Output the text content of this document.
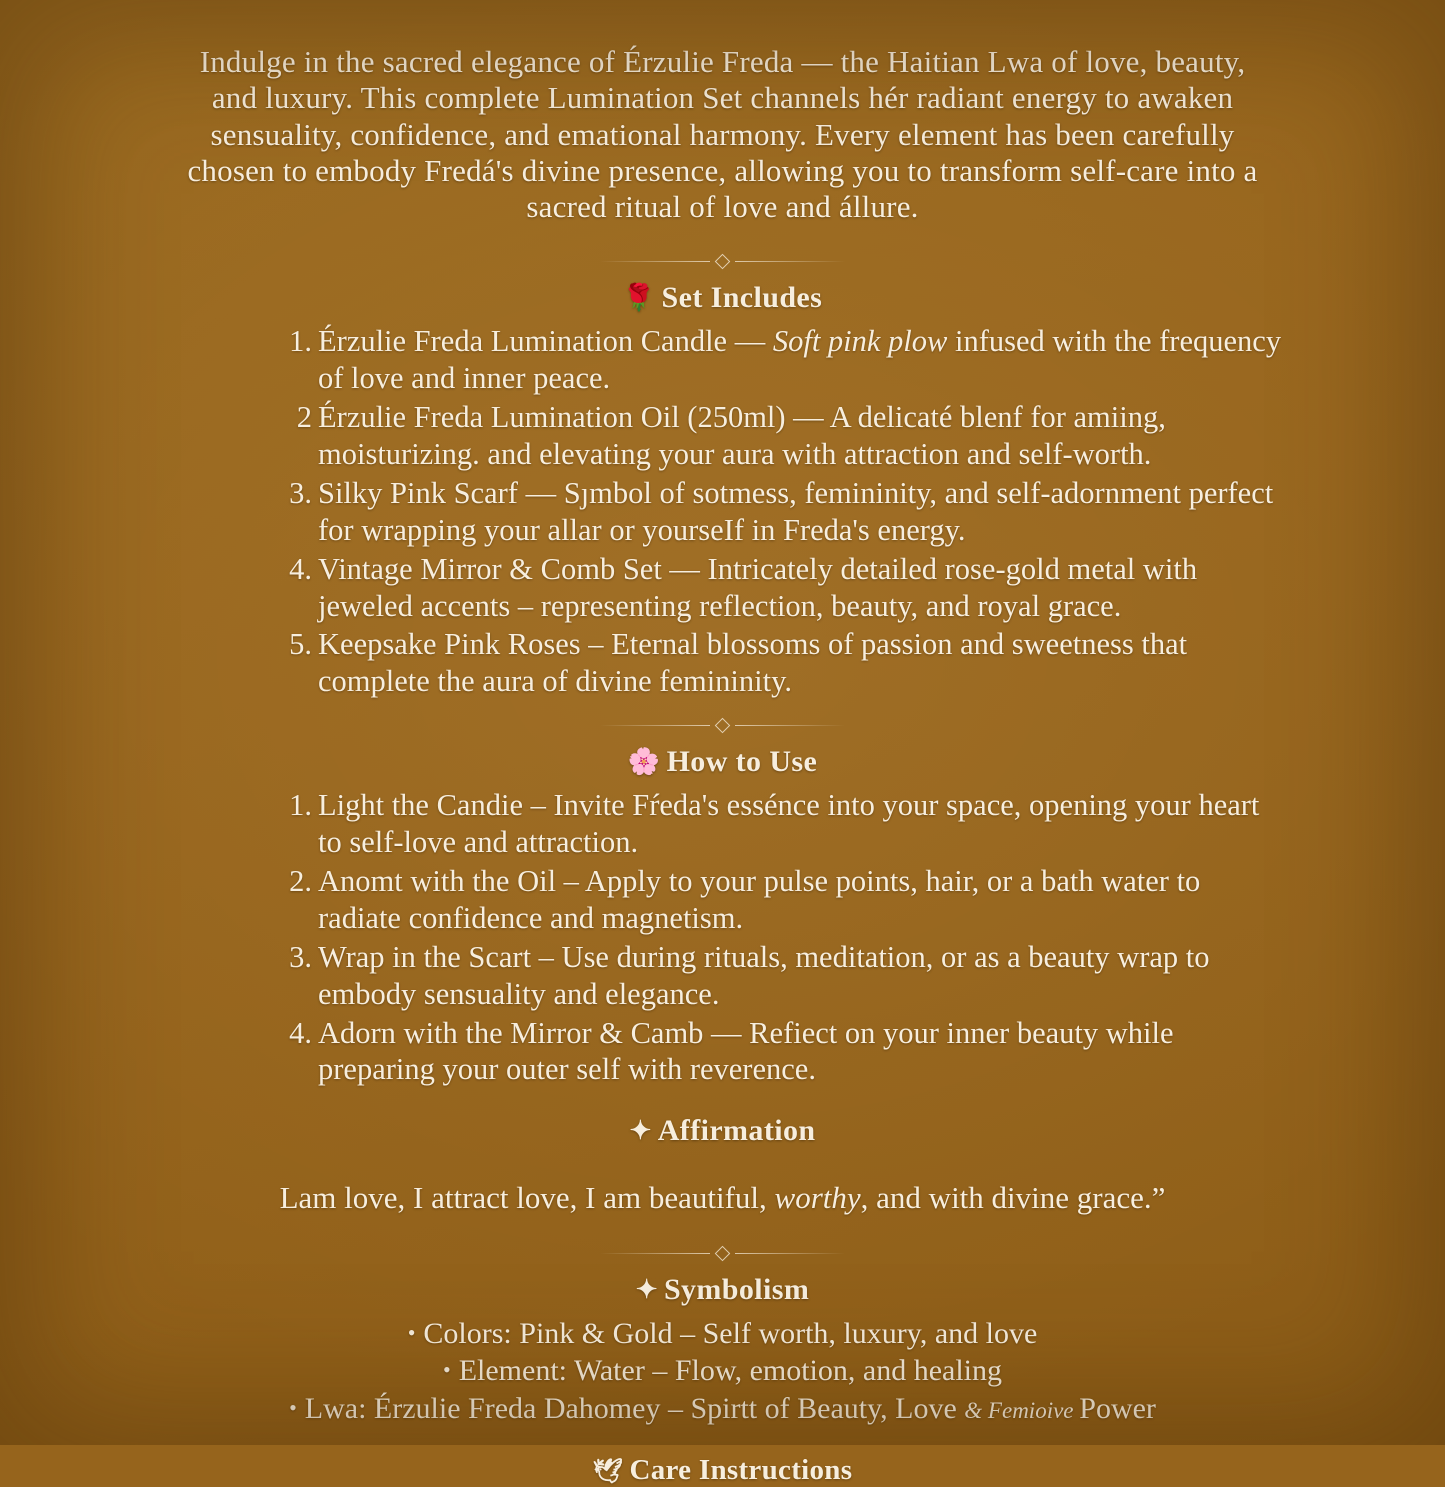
Indulge in the sacred elegance of Érzulie Freda — the Haitian Lwa of love, beauty, and luxury. This complete Lumination Set channels hér radiant energy to awaken sensuality, confidence, and emational harmony. Every element has been carefully chosen to embody Fredá's divine presence, allowing you to transform self-care into a sacred ritual of love and állure.

🌹 Set Includes
1. Érzulie Freda Lumination Candle — Soft pink plow infused with the frequency of love and inner peace.
2 Érzulie Freda Lumination Oil (250ml) — A delicaté blenf for amiing, moisturizing. and elevating your aura with attraction and self-worth.
3. Silky Pink Scarf — Sȷmbol of sotmess, femininity, and self-adornment perfect for wrapping your allar or yourseIf in Freda's energy.
4. Vintage Mirror & Comb Set — Intricately detailed rose-gold metal with jeweled accents – representing reflection, beauty, and royal grace.
5. Keepsake Pink Roses – Eternal blossoms of passion and sweetness that complete the aura of divine femininity.
🌸 How to Use
1. Light the Candie – Invite Fŕeda's essénce into your space, opening your heart to self-love and attraction.
2. Anomt with the Oil – Apply to your pulse points, hair, or a bath water to radiate confidence and magnetism.
3. Wrap in the Scart – Use during rituals, meditation, or as a beauty wrap to embody sensuality and elegance.
4. Adorn with the Mirror & Camb — Refiect on your inner beauty while preparing your outer self with reverence.
✦ Affirmation

Lam love, I attract love, I am beautiful, worthy, and with divine grace.”

✦ Symbolism
• Colors: Pink & Gold – Self worth, luxury, and love
• Element: Water – Flow, emotion, and healing
• Lwa: Érzulie Freda Dahomey – Spirtt of Beauty, Love & Femioive Power
🕊 Care Instructions
